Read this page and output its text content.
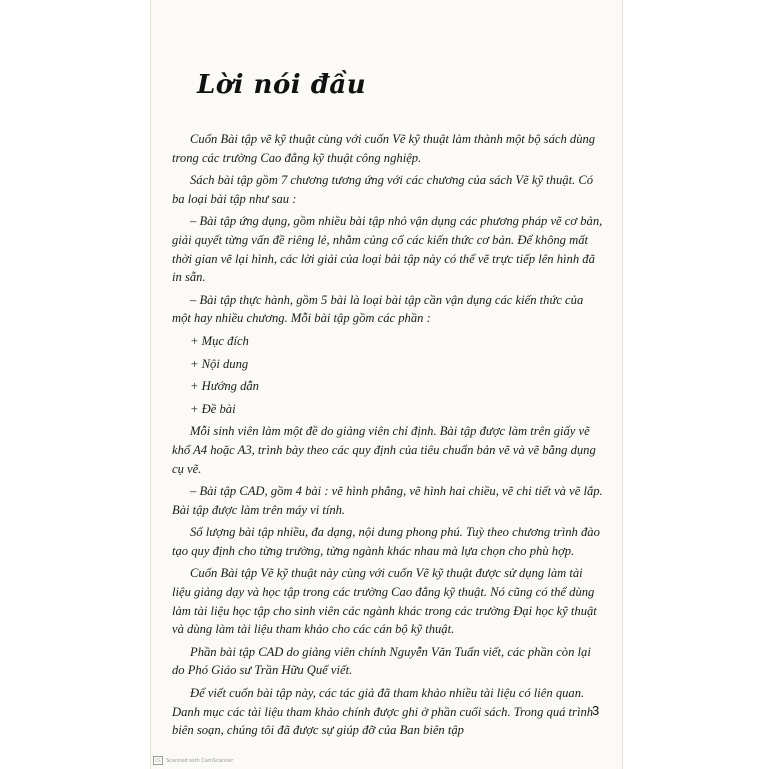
Lời nói đầu

Cuốn Bài tập vẽ kỹ thuật cùng với cuốn Vẽ kỹ thuật làm thành một bộ sách dùng trong các trường Cao đẳng kỹ thuật công nghiệp.

Sách bài tập gồm 7 chương tương ứng với các chương của sách Vẽ kỹ thuật. Có ba loại bài tập như sau :

– Bài tập ứng dụng, gồm nhiều bài tập nhỏ vận dụng các phương pháp vẽ cơ bản, giải quyết từng vấn đề riêng lẻ, nhằm củng cố các kiến thức cơ bản. Để không mất thời gian vẽ lại hình, các lời giải của loại bài tập này có thể vẽ trực tiếp lên hình đã in sẵn.

– Bài tập thực hành, gồm 5 bài là loại bài tập cần vận dụng các kiến thức của một hay nhiều chương. Mỗi bài tập gồm các phần :

+ Mục đích

+ Nội dung

+ Hướng dẫn

+ Đề bài

Mỗi sinh viên làm một đề do giảng viên chỉ định. Bài tập được làm trên giấy vẽ khổ A4 hoặc A3, trình bày theo các quy định của tiêu chuẩn bản vẽ và vẽ bằng dụng cụ vẽ.

– Bài tập CAD, gồm 4 bài : vẽ hình phẳng, vẽ hình hai chiều, vẽ chi tiết và vẽ lắp. Bài tập được làm trên máy vi tính.

Số lượng bài tập nhiều, đa dạng, nội dung phong phú. Tuỳ theo chương trình đào tạo quy định cho từng trường, từng ngành khác nhau mà lựa chọn cho phù hợp.

Cuốn Bài tập Vẽ kỹ thuật này cùng với cuốn Vẽ kỹ thuật được sử dụng làm tài liệu giảng dạy và học tập trong các trường Cao đẳng kỹ thuật. Nó cũng có thể dùng làm tài liệu học tập cho sinh viên các ngành khác trong các trường Đại học kỹ thuật và dùng làm tài liệu tham khảo cho các cán bộ kỹ thuật.

Phần bài tập CAD do giảng viên chính Nguyễn Văn Tuấn viết, các phần còn lại do Phó Giáo sư Trần Hữu Quế viết.

Để viết cuốn bài tập này, các tác giả đã tham khảo nhiều tài liệu có liên quan. Danh mục các tài liệu tham khảo chính được ghi ở phần cuối sách. Trong quá trình biên soạn, chúng tôi đã được sự giúp đỡ của Ban biên tập

3
CS	Scanned with CamScanner
